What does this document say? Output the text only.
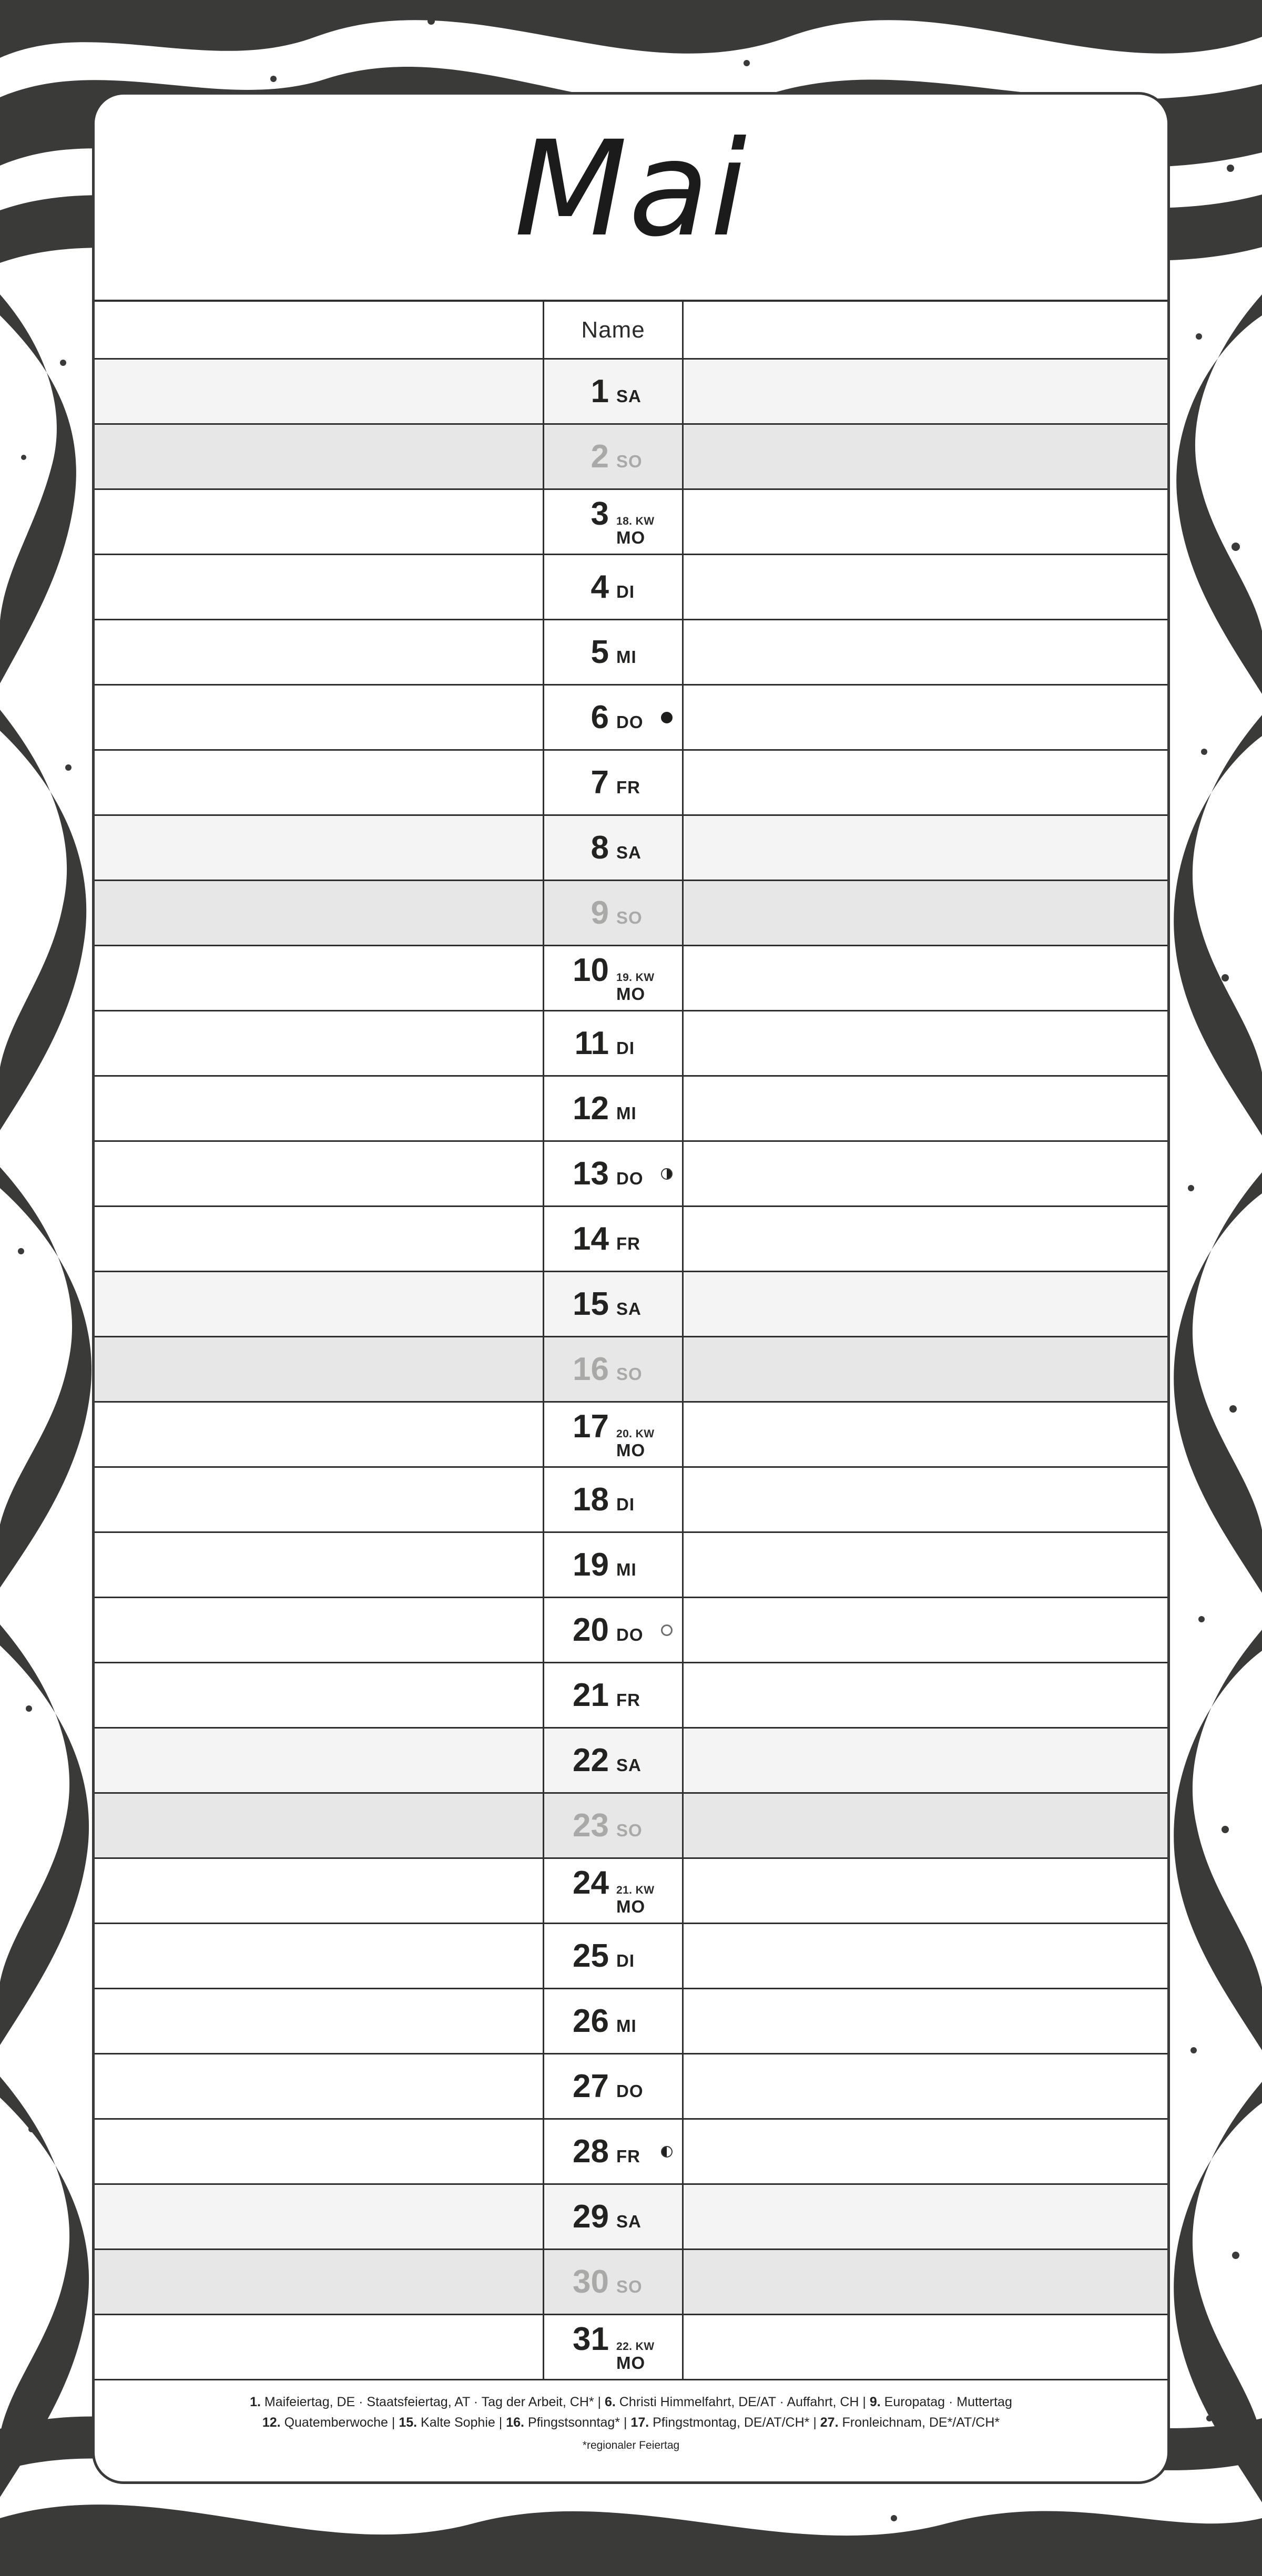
Mai
Name
1 SA
2 SO
3 18. KW
MO
4 DI
5 MI
6 DO
7 FR
8 SA
9 SO
10 19. KW
MO
11 DI
12 MI
13 DO
14 FR
15 SA
16 SO
17 20. KW
MO
18 DI
19 MI
20 DO
21 FR
22 SA
23 SO
24 21. KW
MO
25 DI
26 MI
27 DO
28 FR
29 SA
30 SO
31 22. KW
MO
1. Maifeiertag, DE · Staatsfeiertag, AT · Tag der Arbeit, CH* | 6. Christi Himmelfahrt, DE/AT · Auffahrt, CH | 9. Europatag · Muttertag
12. Quatemberwoche | 15. Kalte Sophie | 16. Pfingstsonntag* | 17. Pfingstmontag, DE/AT/CH* | 27. Fronleichnam, DE*/AT/CH*
*regionaler Feiertag
